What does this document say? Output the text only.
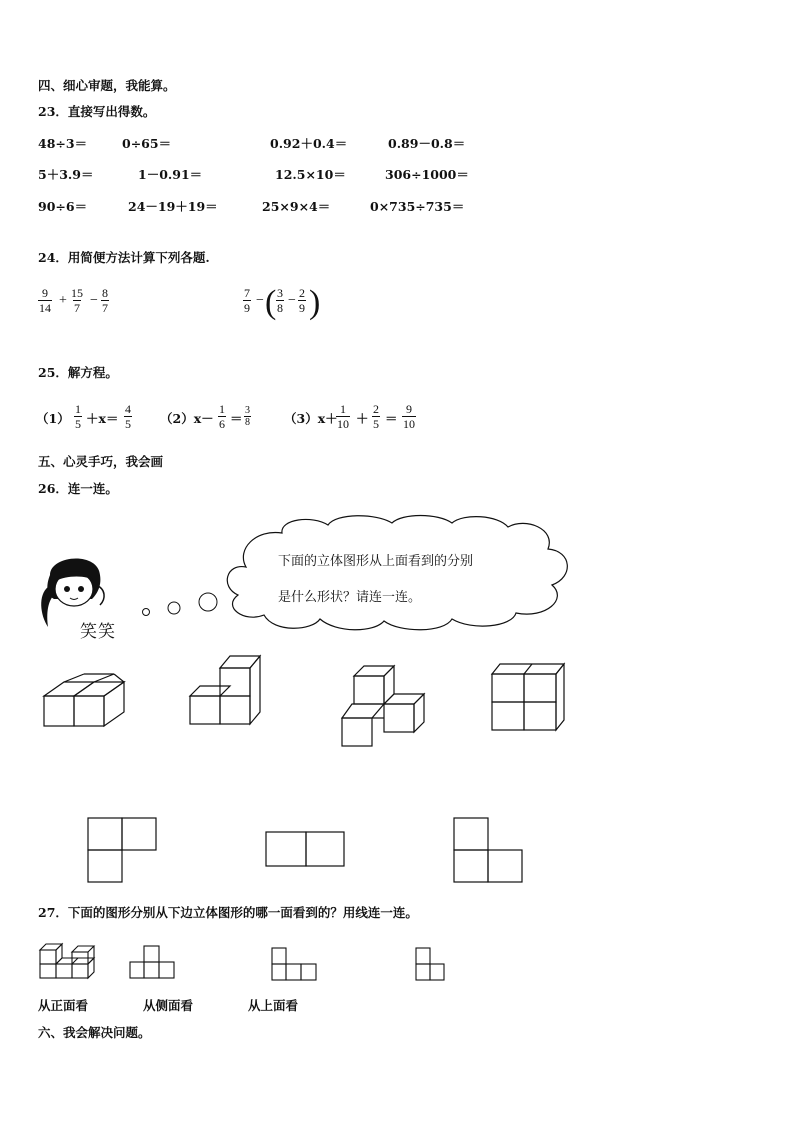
四、细心审题，我能算。
23．直接写出得数。
48÷3＝	0÷65＝	0.92＋0.4＝	0.89－0.8＝
5＋3.9＝	1－0.91＝	12.5×10＝	306÷1000＝
90÷6＝	24－19＋19＝	25×9×4＝	0×735÷735＝
24．用简便方法计算下列各题.
$\frac{9}{14} + \frac{15}{7} - \frac{8}{7}$	$\frac{7}{9}$ − ( $\frac{3}{8} - \frac{2}{9}$ )
25．解方程。
$(1) \frac{1}{5} +x= \frac{4}{5} (2)x- \frac{1}{6} = \frac{3}{8}$	（3）x＋
$\frac{1}{10} + \frac{2}{5} = \frac{9}{10}$
五、心灵手巧，我会画
26．连一连。
笑笑
下面的立体图形从上面看到的分别
是什么形状？请连一连。
27．下面的图形分别从下边立体图形的哪一面看到的？用线连一连。
从正面看	从侧面看	从上面看
六、我会解决问题。
